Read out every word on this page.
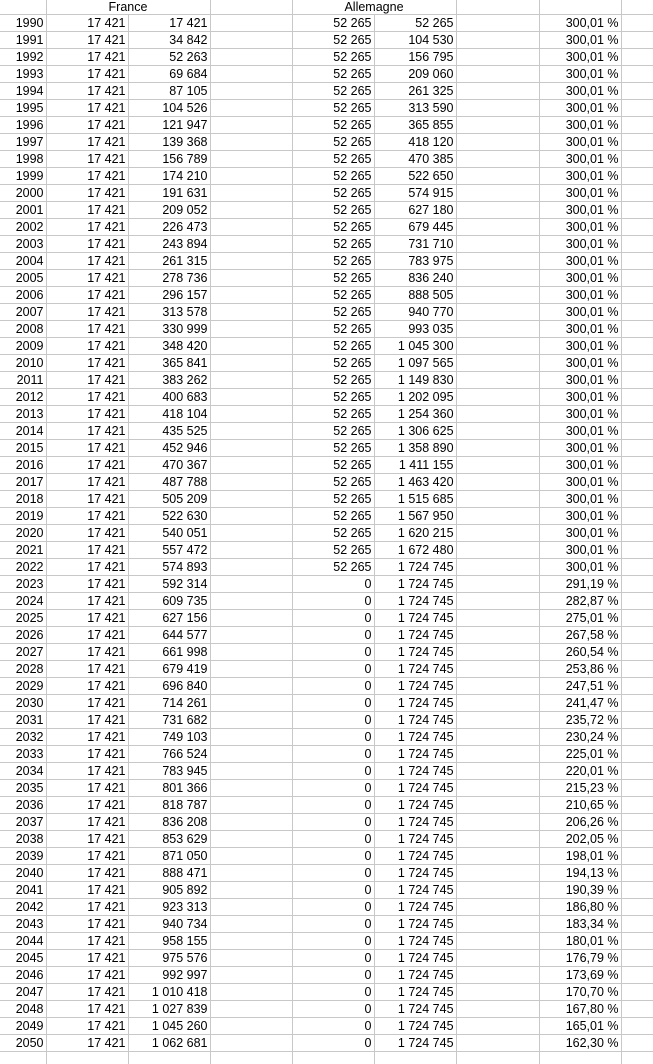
	France			Allemagne				
1990	17 421	17 421		52 265	52 265		300,01 %	
1991	17 421	34 842		52 265	104 530		300,01 %	
1992	17 421	52 263		52 265	156 795		300,01 %	
1993	17 421	69 684		52 265	209 060		300,01 %	
1994	17 421	87 105		52 265	261 325		300,01 %	
1995	17 421	104 526		52 265	313 590		300,01 %	
1996	17 421	121 947		52 265	365 855		300,01 %	
1997	17 421	139 368		52 265	418 120		300,01 %	
1998	17 421	156 789		52 265	470 385		300,01 %	
1999	17 421	174 210		52 265	522 650		300,01 %	
2000	17 421	191 631		52 265	574 915		300,01 %	
2001	17 421	209 052		52 265	627 180		300,01 %	
2002	17 421	226 473		52 265	679 445		300,01 %	
2003	17 421	243 894		52 265	731 710		300,01 %	
2004	17 421	261 315		52 265	783 975		300,01 %	
2005	17 421	278 736		52 265	836 240		300,01 %	
2006	17 421	296 157		52 265	888 505		300,01 %	
2007	17 421	313 578		52 265	940 770		300,01 %	
2008	17 421	330 999		52 265	993 035		300,01 %	
2009	17 421	348 420		52 265	1 045 300		300,01 %	
2010	17 421	365 841		52 265	1 097 565		300,01 %	
2011	17 421	383 262		52 265	1 149 830		300,01 %	
2012	17 421	400 683		52 265	1 202 095		300,01 %	
2013	17 421	418 104		52 265	1 254 360		300,01 %	
2014	17 421	435 525		52 265	1 306 625		300,01 %	
2015	17 421	452 946		52 265	1 358 890		300,01 %	
2016	17 421	470 367		52 265	1 411 155		300,01 %	
2017	17 421	487 788		52 265	1 463 420		300,01 %	
2018	17 421	505 209		52 265	1 515 685		300,01 %	
2019	17 421	522 630		52 265	1 567 950		300,01 %	
2020	17 421	540 051		52 265	1 620 215		300,01 %	
2021	17 421	557 472		52 265	1 672 480		300,01 %	
2022	17 421	574 893		52 265	1 724 745		300,01 %	
2023	17 421	592 314		0	1 724 745		291,19 %	
2024	17 421	609 735		0	1 724 745		282,87 %	
2025	17 421	627 156		0	1 724 745		275,01 %	
2026	17 421	644 577		0	1 724 745		267,58 %	
2027	17 421	661 998		0	1 724 745		260,54 %	
2028	17 421	679 419		0	1 724 745		253,86 %	
2029	17 421	696 840		0	1 724 745		247,51 %	
2030	17 421	714 261		0	1 724 745		241,47 %	
2031	17 421	731 682		0	1 724 745		235,72 %	
2032	17 421	749 103		0	1 724 745		230,24 %	
2033	17 421	766 524		0	1 724 745		225,01 %	
2034	17 421	783 945		0	1 724 745		220,01 %	
2035	17 421	801 366		0	1 724 745		215,23 %	
2036	17 421	818 787		0	1 724 745		210,65 %	
2037	17 421	836 208		0	1 724 745		206,26 %	
2038	17 421	853 629		0	1 724 745		202,05 %	
2039	17 421	871 050		0	1 724 745		198,01 %	
2040	17 421	888 471		0	1 724 745		194,13 %	
2041	17 421	905 892		0	1 724 745		190,39 %	
2042	17 421	923 313		0	1 724 745		186,80 %	
2043	17 421	940 734		0	1 724 745		183,34 %	
2044	17 421	958 155		0	1 724 745		180,01 %	
2045	17 421	975 576		0	1 724 745		176,79 %	
2046	17 421	992 997		0	1 724 745		173,69 %	
2047	17 421	1 010 418		0	1 724 745		170,70 %	
2048	17 421	1 027 839		0	1 724 745		167,80 %	
2049	17 421	1 045 260		0	1 724 745		165,01 %	
2050	17 421	1 062 681		0	1 724 745		162,30 %	
